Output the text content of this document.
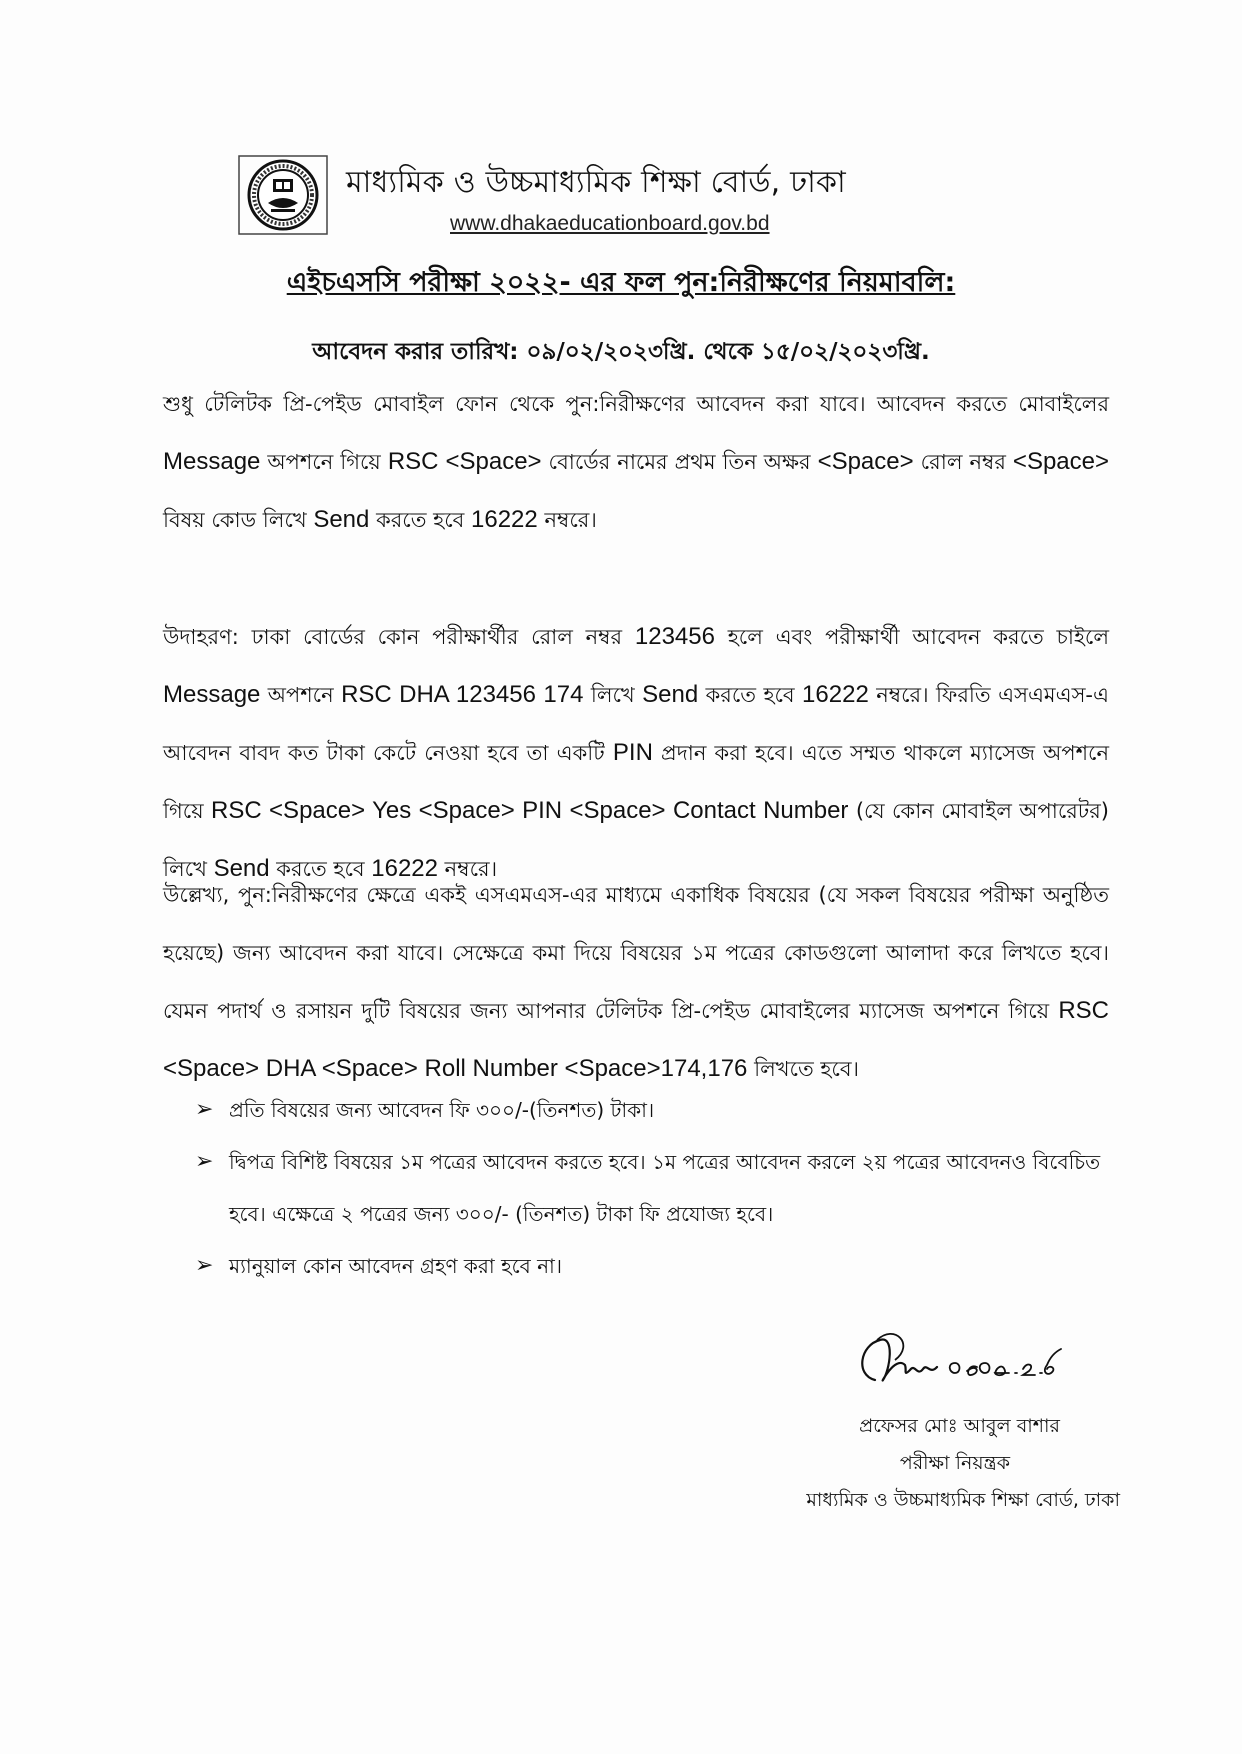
মাধ্যমিক ও উচ্চমাধ্যমিক শিক্ষা বোর্ড, ঢাকা
www.dhakaeducationboard.gov.bd
এইচএসসি পরীক্ষা ২০২২- এর ফল পুন:নিরীক্ষণের নিয়মাবলি:
আবেদন করার তারিখ: ০৯/০২/২০২৩খ্রি. থেকে ১৫/০২/২০২৩খ্রি.
শুধু টেলিটক প্রি-পেইড মোবাইল ফোন থেকে পুন:নিরীক্ষণের আবেদন করা যাবে। আবেদন করতে মোবাইলের Message অপশনে গিয়ে RSC <Space> বোর্ডের নামের প্রথম তিন অক্ষর <Space> রোল নম্বর <Space> বিষয় কোড লিখে Send করতে হবে 16222 নম্বরে।
উদাহরণ: ঢাকা বোর্ডের কোন পরীক্ষার্থীর রোল নম্বর 123456 হলে এবং পরীক্ষার্থী আবেদন করতে চাইলে Message অপশনে RSC DHA 123456 174 লিখে Send করতে হবে 16222 নম্বরে। ফিরতি এসএমএস-এ আবেদন বাবদ কত টাকা কেটে নেওয়া হবে তা একটি PIN প্রদান করা হবে। এতে সম্মত থাকলে ম্যাসেজ অপশনে গিয়ে RSC <Space> Yes <Space> PIN <Space> Contact Number (যে কোন মোবাইল অপারেটর) লিখে Send করতে হবে 16222 নম্বরে।
উল্লেখ্য, পুন:নিরীক্ষণের ক্ষেত্রে একই এসএমএস-এর মাধ্যমে একাধিক বিষয়ের (যে সকল বিষয়ের পরীক্ষা অনুষ্ঠিত হয়েছে) জন্য আবেদন করা যাবে। সেক্ষেত্রে কমা দিয়ে বিষয়ের ১ম পত্রের কোডগুলো আলাদা করে লিখতে হবে। যেমন পদার্থ ও রসায়ন দুটি বিষয়ের জন্য আপনার টেলিটক প্রি-পেইড মোবাইলের ম্যাসেজ অপশনে গিয়ে RSC <Space> DHA <Space> Roll Number <Space>174,176 লিখতে হবে।
➢ প্রতি বিষয়ের জন্য আবেদন ফি ৩০০/-(তিনশত) টাকা।
➢ দ্বিপত্র বিশিষ্ট বিষয়ের ১ম পত্রের আবেদন করতে হবে। ১ম পত্রের আবেদন করলে ২য় পত্রের আবেদনও বিবেচিত হবে। এক্ষেত্রে ২ পত্রের জন্য ৩০০/- (তিনশত) টাকা ফি প্রযোজ্য হবে।
➢ ম্যানুয়াল কোন আবেদন গ্রহণ করা হবে না।
প্রফেসর মোঃ আবুল বাশার
পরীক্ষা নিয়ন্ত্রক
মাধ্যমিক ও উচ্চমাধ্যমিক শিক্ষা বোর্ড, ঢাকা
